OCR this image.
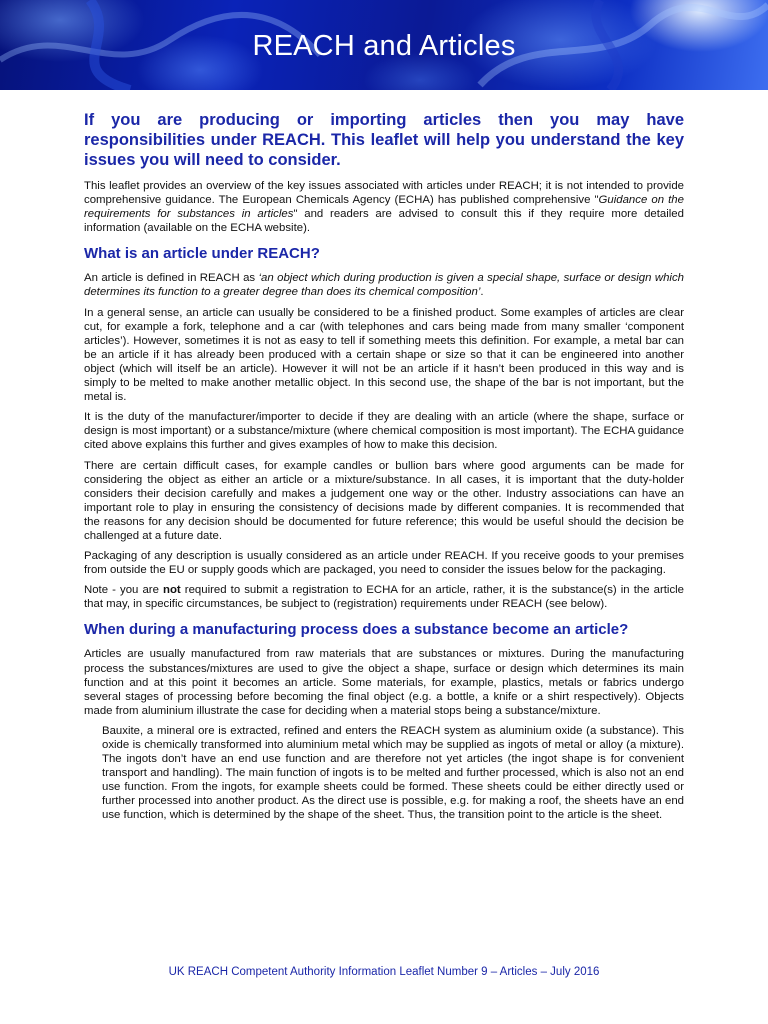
REACH and Articles
If you are producing or importing articles then you may have responsibilities under REACH. This leaflet will help you understand the key issues you will need to consider.

This leaflet provides an overview of the key issues associated with articles under REACH; it is not intended to provide comprehensive guidance. The European Chemicals Agency (ECHA) has published comprehensive "Guidance on the requirements for substances in articles" and readers are advised to consult this if they require more detailed information (available on the ECHA website).

What is an article under REACH?

An article is defined in REACH as ‘an object which during production is given a special shape, surface or design which determines its function to a greater degree than does its chemical composition’.

In a general sense, an article can usually be considered to be a finished product. Some examples of articles are clear cut, for example a fork, telephone and a car (with telephones and cars being made from many smaller ‘component articles’). However, sometimes it is not as easy to tell if something meets this definition. For example, a metal bar can be an article if it has already been produced with a certain shape or size so that it can be engineered into another object (which will itself be an article). However it will not be an article if it hasn’t been produced in this way and is simply to be melted to make another metallic object. In this second use, the shape of the bar is not important, but the metal is.

It is the duty of the manufacturer/importer to decide if they are dealing with an article (where the shape, surface or design is most important) or a substance/mixture (where chemical composition is most important). The ECHA guidance cited above explains this further and gives examples of how to make this decision.

There are certain difficult cases, for example candles or bullion bars where good arguments can be made for considering the object as either an article or a mixture/substance. In all cases, it is important that the duty-holder considers their decision carefully and makes a judgement one way or the other. Industry associations can have an important role to play in ensuring the consistency of decisions made by different companies. It is recommended that the reasons for any decision should be documented for future reference; this would be useful should the decision be challenged at a future date.

Packaging of any description is usually considered as an article under REACH. If you receive goods to your premises from outside the EU or supply goods which are packaged, you need to consider the issues below for the packaging.

Note - you are not required to submit a registration to ECHA for an article, rather, it is the substance(s) in the article that may, in specific circumstances, be subject to (registration) requirements under REACH (see below).

When during a manufacturing process does a substance become an article?

Articles are usually manufactured from raw materials that are substances or mixtures. During the manufacturing process the substances/mixtures are used to give the object a shape, surface or design which determines its main function and at this point it becomes an article. Some materials, for example, plastics, metals or fabrics undergo several stages of processing before becoming the final object (e.g. a bottle, a knife or a shirt respectively). Objects made from aluminium illustrate the case for deciding when a material stops being a substance/mixture.

Bauxite, a mineral ore is extracted, refined and enters the REACH system as aluminium oxide (a substance). This oxide is chemically transformed into aluminium metal which may be supplied as ingots of metal or alloy (a mixture). The ingots don’t have an end use function and are therefore not yet articles (the ingot shape is for convenient transport and handling). The main function of ingots is to be melted and further processed, which is also not an end use function. From the ingots, for example sheets could be formed. These sheets could be either directly used or further processed into another product. As the direct use is possible, e.g. for making a roof, the sheets have an end use function, which is determined by the shape of the sheet. Thus, the transition point to the article is the sheet.

UK REACH Competent Authority Information Leaflet Number 9 – Articles – July 2016
